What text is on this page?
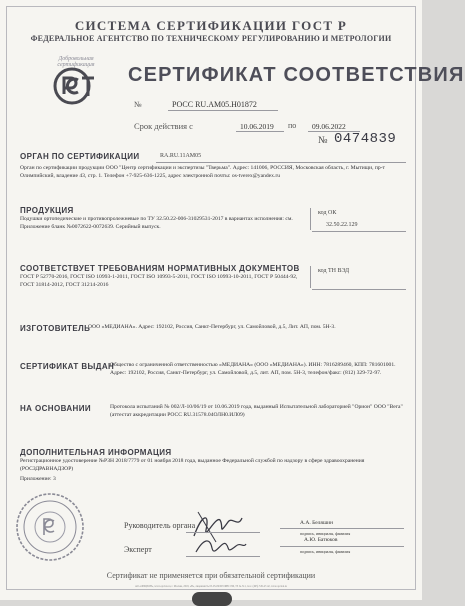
СИСТЕМА СЕРТИФИКАЦИИ ГОСТ Р
ФЕДЕРАЛЬНОЕ АГЕНТСТВО ПО ТЕХНИЧЕСКОМУ РЕГУЛИРОВАНИЮ И МЕТРОЛОГИИ
Добровольная сертификация	СЕРТИФИКАТ СООТВЕТСТВИЯ
№	РОСС RU.АМ05.Н01872
Срок действия с	10.06.2019 по 09.06.2022
№ 0474839
ОРГАН ПО СЕРТИФИКАЦИИ	RA.RU.11АМ05
Орган по сертификации продукции ООО "Центр сертификации и экспертизы "Тверьма". Адрес: 141006, РОССИЯ, Московская область, г. Мытищи, пр-т Олимпийский, владение 43, стр. 1. Телефон +7-925-636-1225, адрес электронной почты: os-tverex@yandex.ru
ПРОДУКЦИЯ
Подушки ортопедические и противопролежневые по ТУ 32.50.22-006-31029531-2017 в вариантах исполнения: см. Приложение бланк №0072622-0072639. Серийный выпуск.
код ОК
32.50.22.129
СООТВЕТСТВУЕТ ТРЕБОВАНИЯМ НОРМАТИВНЫХ ДОКУМЕНТОВ
ГОСТ Р 52770-2016, ГОСТ ISO 10993-1-2011, ГОСТ ISO 10993-5-2011, ГОСТ ISO 10993-10-2011, ГОСТ Р 50444-92, ГОСТ 31814-2012, ГОСТ 31214-2016
код ТН ВЭД
ИЗГОТОВИТЕЛЬ
ООО «МЕДИАНА». Адрес: 192102, Россия, Санкт-Петербург, ул. Самойловой, д.5, Лит. АП, пом. 5Н-3.
СЕРТИФИКАТ ВЫДАН
Общество с ограниченной ответственностью «МЕДИАНА» (ООО «МЕДИАНА»). ИНН: 7816289460, КПП: 781601001. Адрес: 192102, Россия, Санкт-Петербург, ул. Самойловой, д.5, лит. АП, пом. 5Н-3, телефон/факс: (812) 329-72-97.
НА ОСНОВАНИИ	Протокола испытаний № 002/Л-10/06/19 от 10.06.2019 года, выданный Испытательной лабораторией "Орион" ООО "Вега" (аттестат аккредитации РОСС RU.31578.04ОЛН0.ИЛ09)
ДОПОЛНИТЕЛЬНАЯ ИНФОРМАЦИЯ
Регистрационное удостоверение №РЗН 2018/7779 от 01 ноября 2018 года, выданное Федеральной службой по надзору в сфере здравоохранения (РОСЗДРАВНАДЗОР)
Приложение: 3
Руководитель органа	А.А. Беляшин
подпись, инициалы, фамилия
Эксперт
А.Ю. Батюков
подпись, инициалы, фамилия
Сертификат не применяется при обязательной сертификации
АО «ОПЦИОН», www.opcion.ru, г. Москва, 2018, «В», лицензия № 05-05-09/003 ФНС РФ, ТЗ № 311, тел.: (495) 726-47-42, www.opcion.ru
